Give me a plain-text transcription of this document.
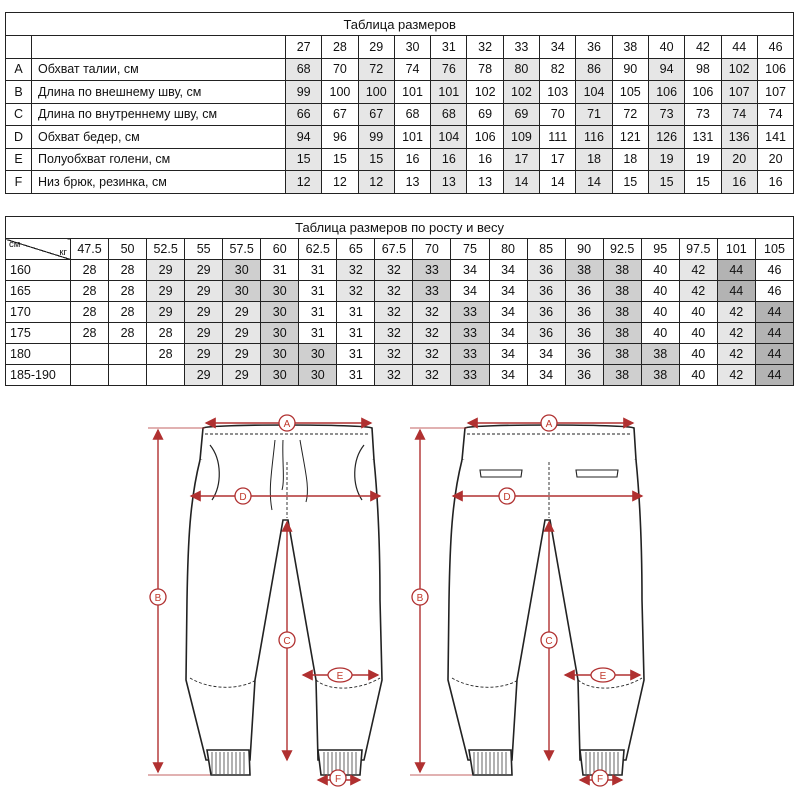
Таблица размеров															
		27	28	29	30	31	32	33	34	36	38	40	42	44	46
A	Обхват талии, см	68	70	72	74	76	78	80	82	86	90	94	98	102	106
B	Длина по внешнему шву, см	99	100	100	101	101	102	102	103	104	105	106	106	107	107
C	Длина по внутреннему шву, см	66	67	67	68	68	69	69	70	71	72	73	73	74	74
D	Обхват бедер, см	94	96	99	101	104	106	109	111	116	121	126	131	136	141
E	Полуобхват голени, см	15	15	15	16	16	16	17	17	18	18	19	19	20	20
F	Низ брюк, резинка, см	12	12	12	13	13	13	14	14	14	15	15	15	16	16
Таблица размеров по росту и весу																			

см
кг	47.5	50	52.5	55	57.5	60	62.5	65	67.5	70	75	80	85	90	92.5	95	97.5	101	105
160	28	28	29	29	30	31	31	32	32	33	34	34	36	38	38	40	42	44	46
165	28	28	29	29	30	30	31	32	32	33	34	34	36	36	38	40	42	44	46
170	28	28	29	29	29	30	31	31	32	32	33	34	36	36	38	40	40	42	44
175	28	28	28	29	29	30	31	31	32	32	33	34	36	36	38	40	40	42	44
180			28	29	29	30	30	31	32	32	33	34	34	36	38	38	40	42	44
185-190				29	29	30	30	31	32	32	33	34	34	36	38	38	40	42	44
A
D
B
C
E
F
A
D
B
C
E
F
